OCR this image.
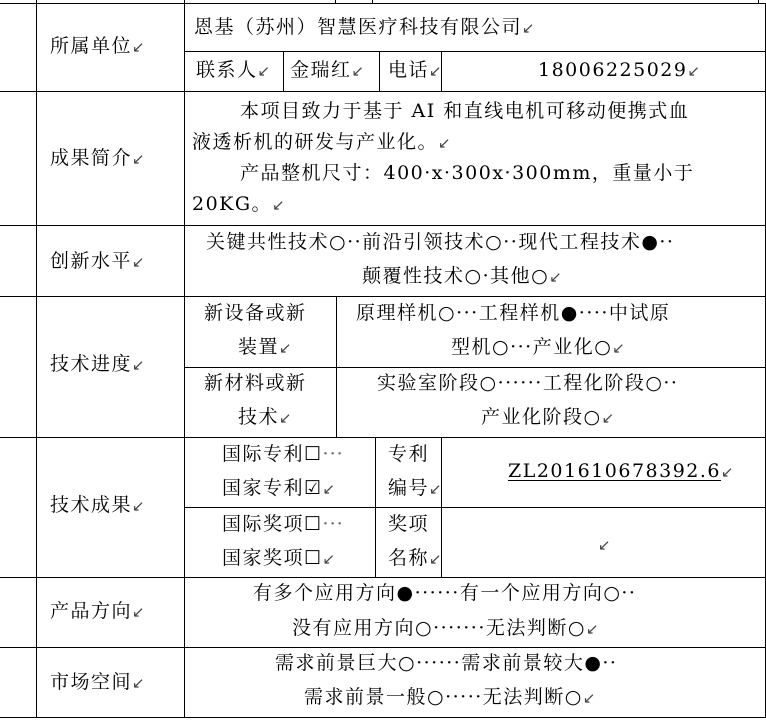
所属单位↙
恩基（苏州）智慧医疗科技有限公司↙
联系人↙ 金瑞红↙ 电话↙	18006225029↙
成果简介↙
本项目致力于基于 AI 和直线电机可移动便携式血
液透析机的研发与产业化。↙
产品整机尺寸：400·x·300x·300mm，重量小于
20KG。↙
创新水平↙
关键共性技术○··前沿引领技术○··现代工程技术●··
颠覆性技术○·其他○↙
技术进度↙
新设备或新
装置↙
原理样机○···工程样机●····中试原
型机○···产业化○↙
新材料或新
技术↙
实验室阶段○······工程化阶段○··
产业化阶段○↙
技术成果↙
国际专利☐···
国家专利☑↙
专利
编号↙
ZL201610678392.6↙
国际奖项☐···
国家奖项☐↙
奖项
名称↙
↙
产品方向↙
有多个应用方向●······有一个应用方向○··
没有应用方向○·······无法判断○↙
市场空间↙
需求前景巨大○······需求前景较大●··
需求前景一般○·····无法判断○↙
